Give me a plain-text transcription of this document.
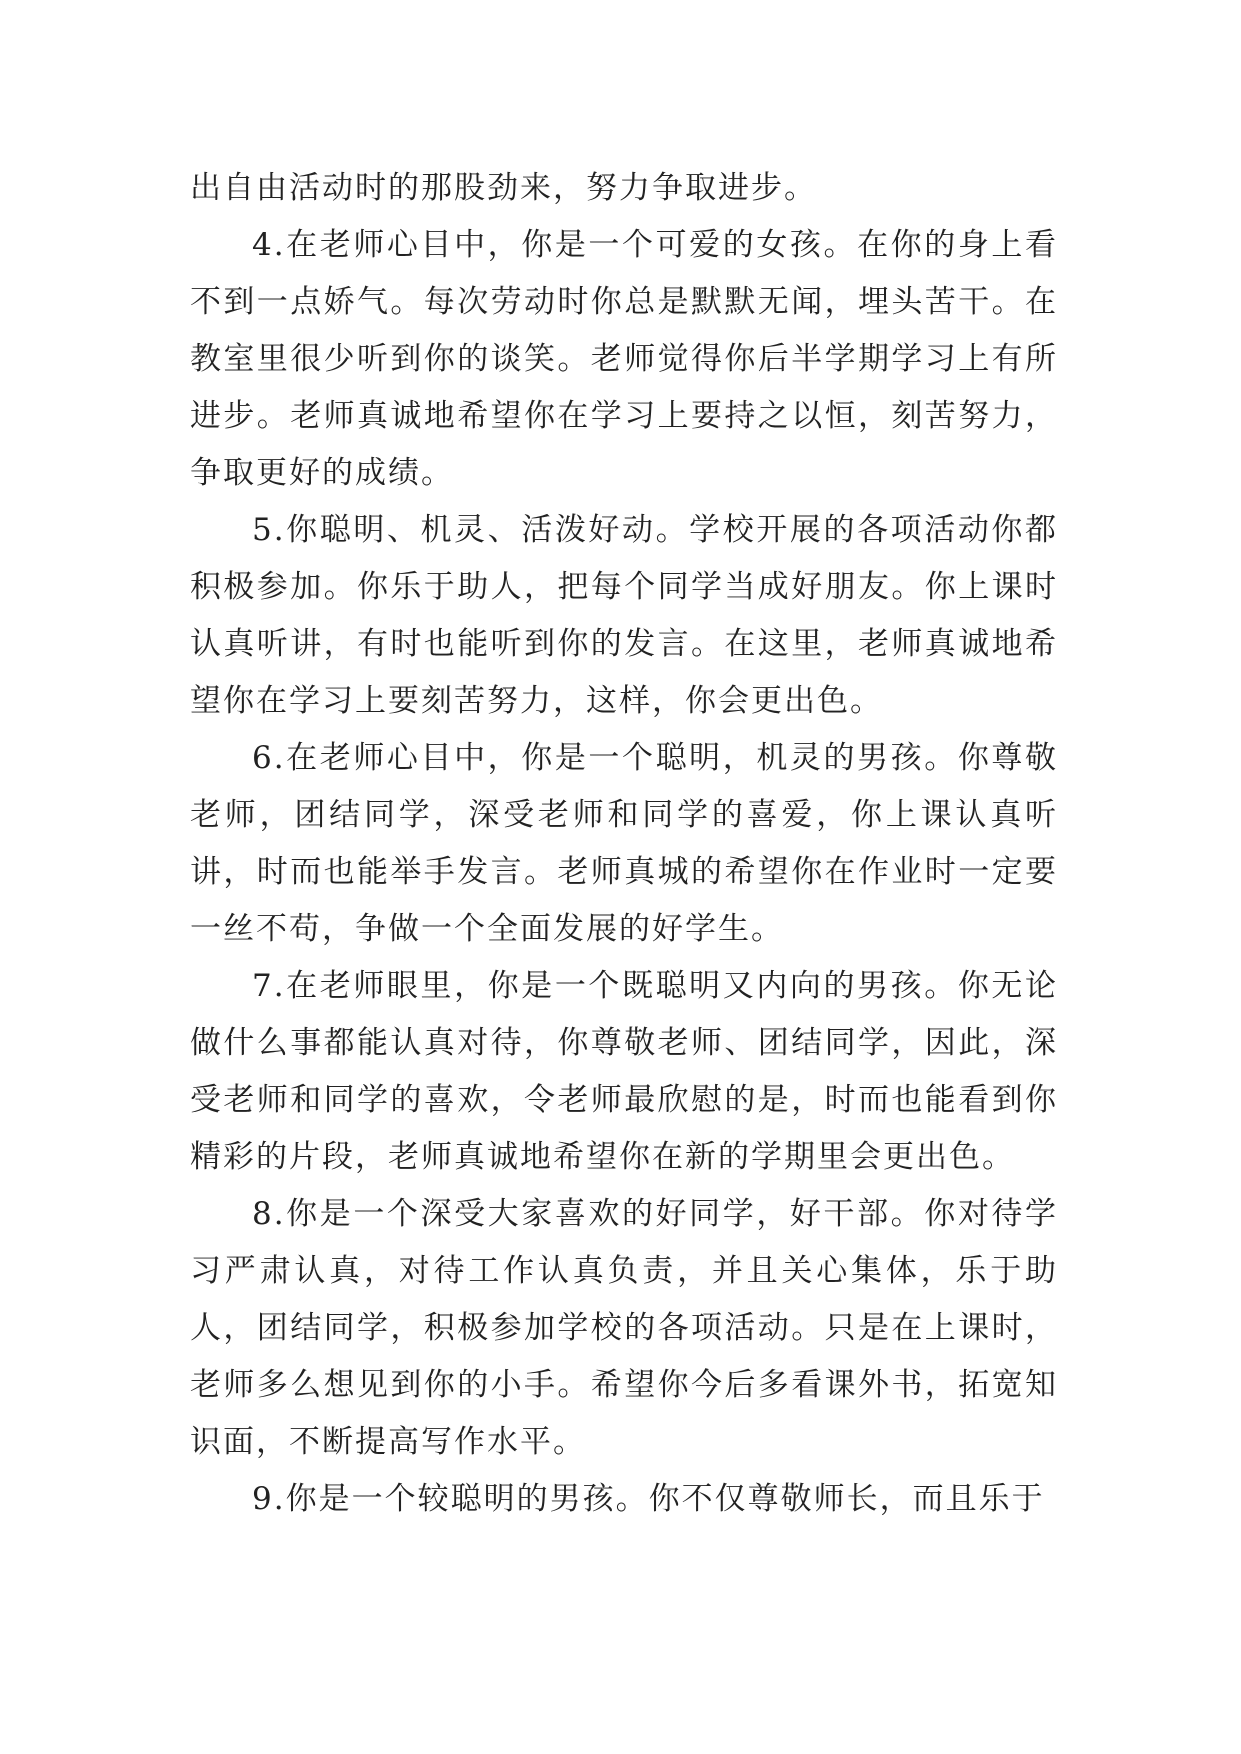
出自由活动时的那股劲来，努力争取进步。

4.在老师心目中，你是一个可爱的女孩。在你的身上看不到一点娇气。每次劳动时你总是默默无闻，埋头苦干。在教室里很少听到你的谈笑。老师觉得你后半学期学习上有所进步。老师真诚地希望你在学习上要持之以恒，刻苦努力，争取更好的成绩。

5.你聪明、机灵、活泼好动。学校开展的各项活动你都积极参加。你乐于助人，把每个同学当成好朋友。你上课时认真听讲，有时也能听到你的发言。在这里，老师真诚地希望你在学习上要刻苦努力，这样，你会更出色。

6.在老师心目中，你是一个聪明，机灵的男孩。你尊敬老师，团结同学，深受老师和同学的喜爱，你上课认真听讲，时而也能举手发言。老师真城的希望你在作业时一定要一丝不苟，争做一个全面发展的好学生。

7.在老师眼里，你是一个既聪明又内向的男孩。你无论做什么事都能认真对待，你尊敬老师、团结同学，因此，深受老师和同学的喜欢，令老师最欣慰的是，时而也能看到你精彩的片段，老师真诚地希望你在新的学期里会更出色。

8.你是一个深受大家喜欢的好同学，好干部。你对待学习严肃认真，对待工作认真负责，并且关心集体，乐于助人，团结同学，积极参加学校的各项活动。只是在上课时，老师多么想见到你的小手。希望你今后多看课外书，拓宽知识面，不断提高写作水平。

9.你是一个较聪明的男孩。你不仅尊敬师长，而且乐于
